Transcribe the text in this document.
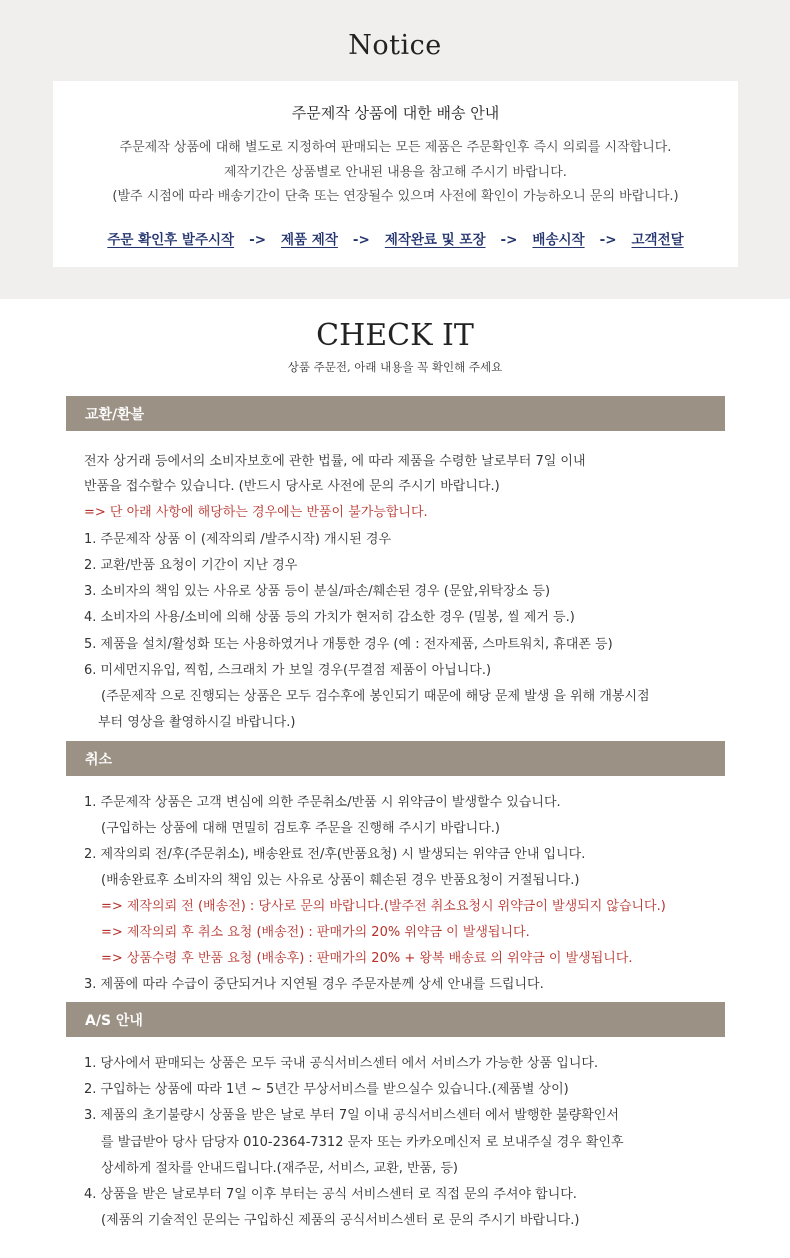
Notice
주문제작 상품에 대한 배송 안내
주문제작 상품에 대해 별도로 지정하여 판매되는 모든 제품은 주문확인후 즉시 의뢰를 시작합니다.
제작기간은 상품별로 안내된 내용을 참고해 주시기 바랍니다.
(발주 시점에 따라 배송기간이 단축 또는 연장될수 있으며 사전에 확인이 가능하오니 문의 바랍니다.)
주문 확인후 발주시작 -> 제품 제작 -> 제작완료 및 포장 -> 배송시작 -> 고객전달
CHECK IT
상품 주문전, 아래 내용을 꼭 확인해 주세요
교환/환불
전자 상거래 등에서의 소비자보호에 관한 법률, 에 따라 제품을 수령한 날로부터 7일 이내
반품을 접수할수 있습니다. (반드시 당사로 사전에 문의 주시기 바랍니다.)
=> 단 아래 사항에 해당하는 경우에는 반품이 불가능합니다.
1. 주문제작 상품 이 (제작의뢰 /발주시작) 개시된 경우
2. 교환/반품 요청이 기간이 지난 경우
3. 소비자의 책임 있는 사유로 상품 등이 분실/파손/훼손된 경우 (문앞,위탁장소 등)
4. 소비자의 사용/소비에 의해 상품 등의 가치가 현저히 감소한 경우 (밀봉, 씰 제거 등.)
5. 제품을 설치/활성화 또는 사용하였거나 개통한 경우 (예 : 전자제품, 스마트워치, 휴대폰 등)
6. 미세먼지유입, 찍힘, 스크래치 가 보일 경우(무결점 제품이 아닙니다.)
(주문제작 으로 진행되는 상품은 모두 검수후에 봉인되기 때문에 해당 문제 발생 을 위해 개봉시점
부터 영상을 촬영하시길 바랍니다.)
취소
1. 주문제작 상품은 고객 변심에 의한 주문취소/반품 시 위약금이 발생할수 있습니다.
(구입하는 상품에 대해 면밀히 검토후 주문을 진행해 주시기 바랍니다.)
2. 제작의뢰 전/후(주문취소), 배송완료 전/후(반품요청) 시 발생되는 위약금 안내 입니다.
(배송완료후 소비자의 책임 있는 사유로 상품이 훼손된 경우 반품요청이 거절됩니다.)
=> 제작의뢰 전 (배송전) : 당사로 문의 바랍니다.(발주전 취소요청시 위약금이 발생되지 않습니다.)
=> 제작의뢰 후 취소 요청 (배송전) : 판매가의 20% 위약금 이 발생됩니다.
=> 상품수령 후 반품 요청 (배송후) : 판매가의 20% + 왕복 배송료 의 위약금 이 발생됩니다.
3. 제품에 따라 수급이 중단되거나 지연될 경우 주문자분께 상세 안내를 드립니다.
A/S 안내
1. 당사에서 판매되는 상품은 모두 국내 공식서비스센터 에서 서비스가 가능한 상품 입니다.
2. 구입하는 상품에 따라 1년 ~ 5년간 무상서비스를 받으실수 있습니다.(제품별 상이)
3. 제품의 초기불량시 상품을 받은 날로 부터 7일 이내 공식서비스센터 에서 발행한 불량확인서
를 발급받아 당사 담당자 010-2364-7312 문자 또는 카카오메신저 로 보내주실 경우 확인후
상세하게 절차를 안내드립니다.(재주문, 서비스, 교환, 반품, 등)
4. 상품을 받은 날로부터 7일 이후 부터는 공식 서비스센터 로 직접 문의 주셔야 합니다.
(제품의 기술적인 문의는 구입하신 제품의 공식서비스센터 로 문의 주시기 바랍니다.)
